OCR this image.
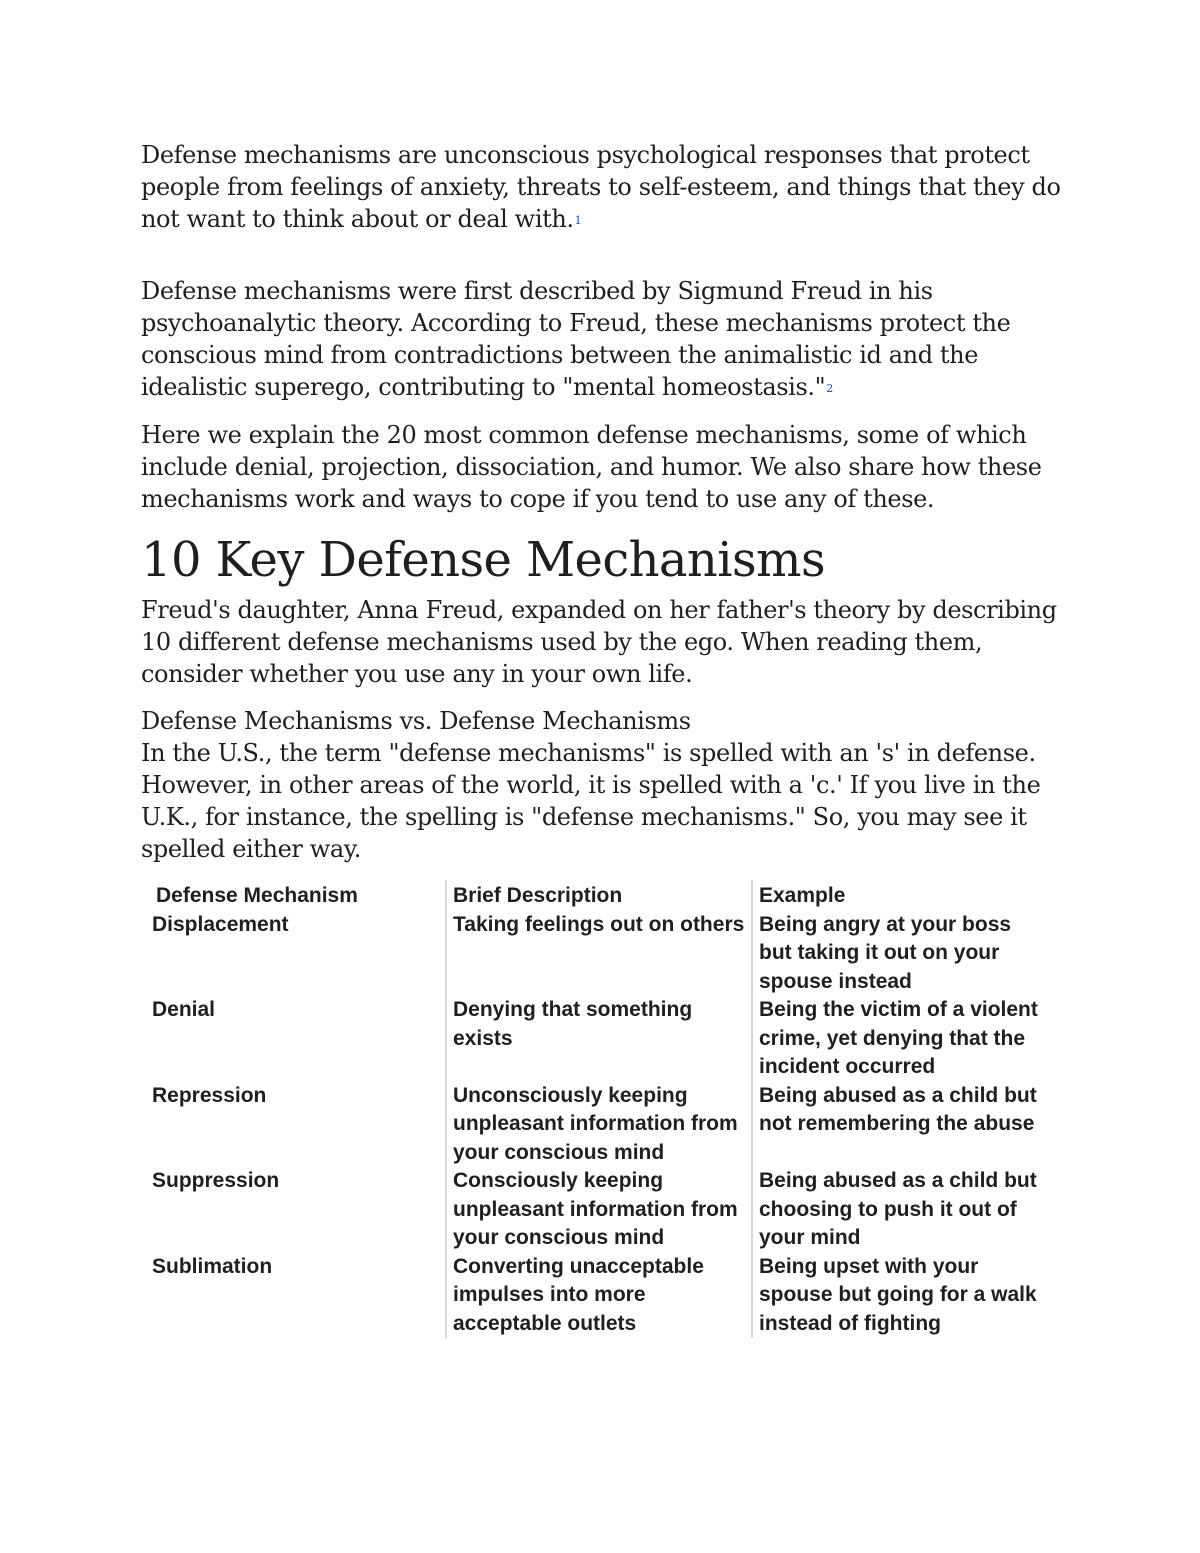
Defense mechanisms are unconscious psychological responses that protect people from feelings of anxiety, threats to self-esteem, and things that they do not want to think about or deal with.$^1$

Defense mechanisms were first described by Sigmund Freud in his psychoanalytic theory. According to Freud, these mechanisms protect the conscious mind from contradictions between the animalistic id and the idealistic superego, contributing to "mental homeostasis."$^2$

Here we explain the 20 most common defense mechanisms, some of which include denial, projection, dissociation, and humor. We also share how these mechanisms work and ways to cope if you tend to use any of these.

10 Key Defense Mechanisms

Freud's daughter, Anna Freud, expanded on her father's theory by describing 10 different defense mechanisms used by the ego. When reading them, consider whether you use any in your own life.

Defense Mechanisms vs. Defense Mechanisms

In the U.S., the term "defense mechanisms" is spelled with an 's' in defense. However, in other areas of the world, it is spelled with a 'c.' If you live in the U.K., for instance, the spelling is "defense mechanisms." So, you may see it spelled either way.

Defense Mechanism	Brief Description	Example
Displacement	Taking feelings out on others	Being angry at your boss but taking it out on your spouse instead
Denial	Denying that something exists	Being the victim of a violent crime, yet denying that the incident occurred
Repression	Unconsciously keeping unpleasant information from your conscious mind	Being abused as a child but not remembering the abuse
Suppression	Consciously keeping unpleasant information from your conscious mind	Being abused as a child but choosing to push it out of your mind
Sublimation	Converting unacceptable impulses into more acceptable outlets	Being upset with your spouse but going for a walk instead of fighting
